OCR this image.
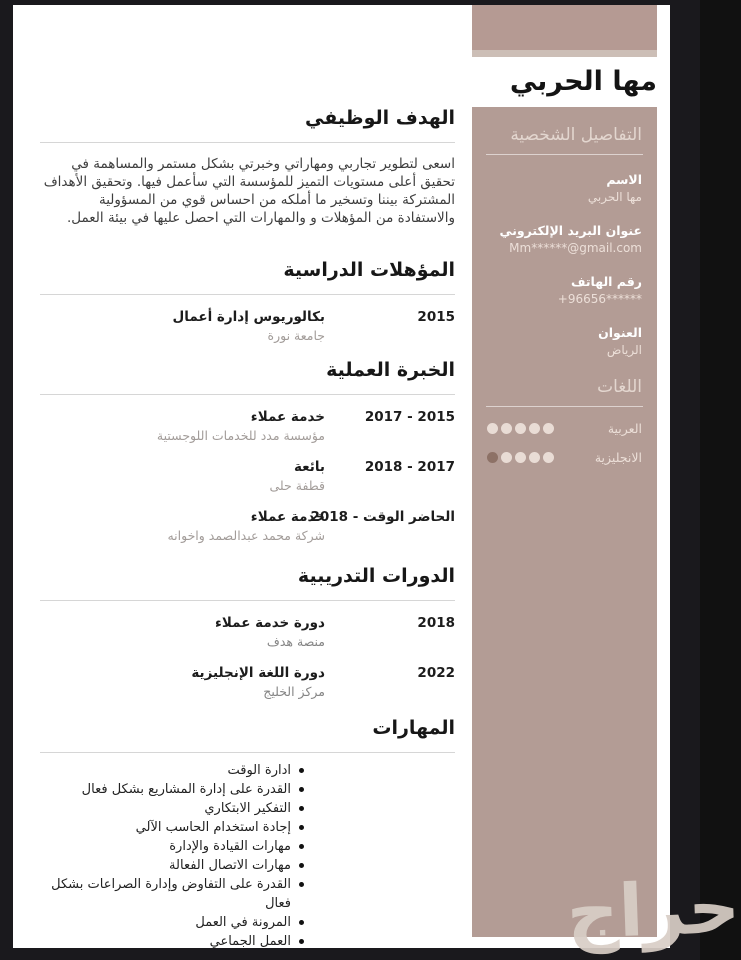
مها الحربي
التفاصيل الشخصية
الاسم
مها الحربي
عنوان البريد الإلكتروني
Mm******@gmail.com
رقم الهاتف
+96656******
العنوان
الرياض
اللغات
العربية
الانجليزية
الهدف الوظيفي

اسعى لتطوير تجاربي ومهاراتي وخبرتي بشكل مستمر والمساهمة في تحقيق أعلى مستويات التميز للمؤسسة التي سأعمل فيها. وتحقيق الأهداف المشتركة بيننا وتسخير ما أملكه من احساس قوي من المسؤولية والاستفادة من المؤهلات و والمهارات التي احصل عليها في بيئة العمل.

المؤهلات الدراسية
2015
بكالوريوس إدارة أعمال
جامعة نورة
الخبرة العملية
2015 - 2017
خدمة عملاء
مؤسسة مدد للخدمات اللوجستية
2017 - 2018
بائعة
قطفة حلى
2018 - الوقت الحاضر
خدمة عملاء
شركة محمد عبدالصمد واخوانه
الدورات التدريبية
2018
دورة خدمة عملاء
منصة هدف
2022
دورة اللغة الإنجليزية
مركز الخليج
المهارات
ادارة الوقت
القدرة على إدارة المشاريع بشكل فعال
التفكير الابتكاري
إجادة استخدام الحاسب الآلي
مهارات القيادة والإدارة
مهارات الاتصال الفعالة
القدرة على التفاوض وإدارة الصراعات بشكل فعال
المرونة في العمل
العمل الجماعي	حراج
